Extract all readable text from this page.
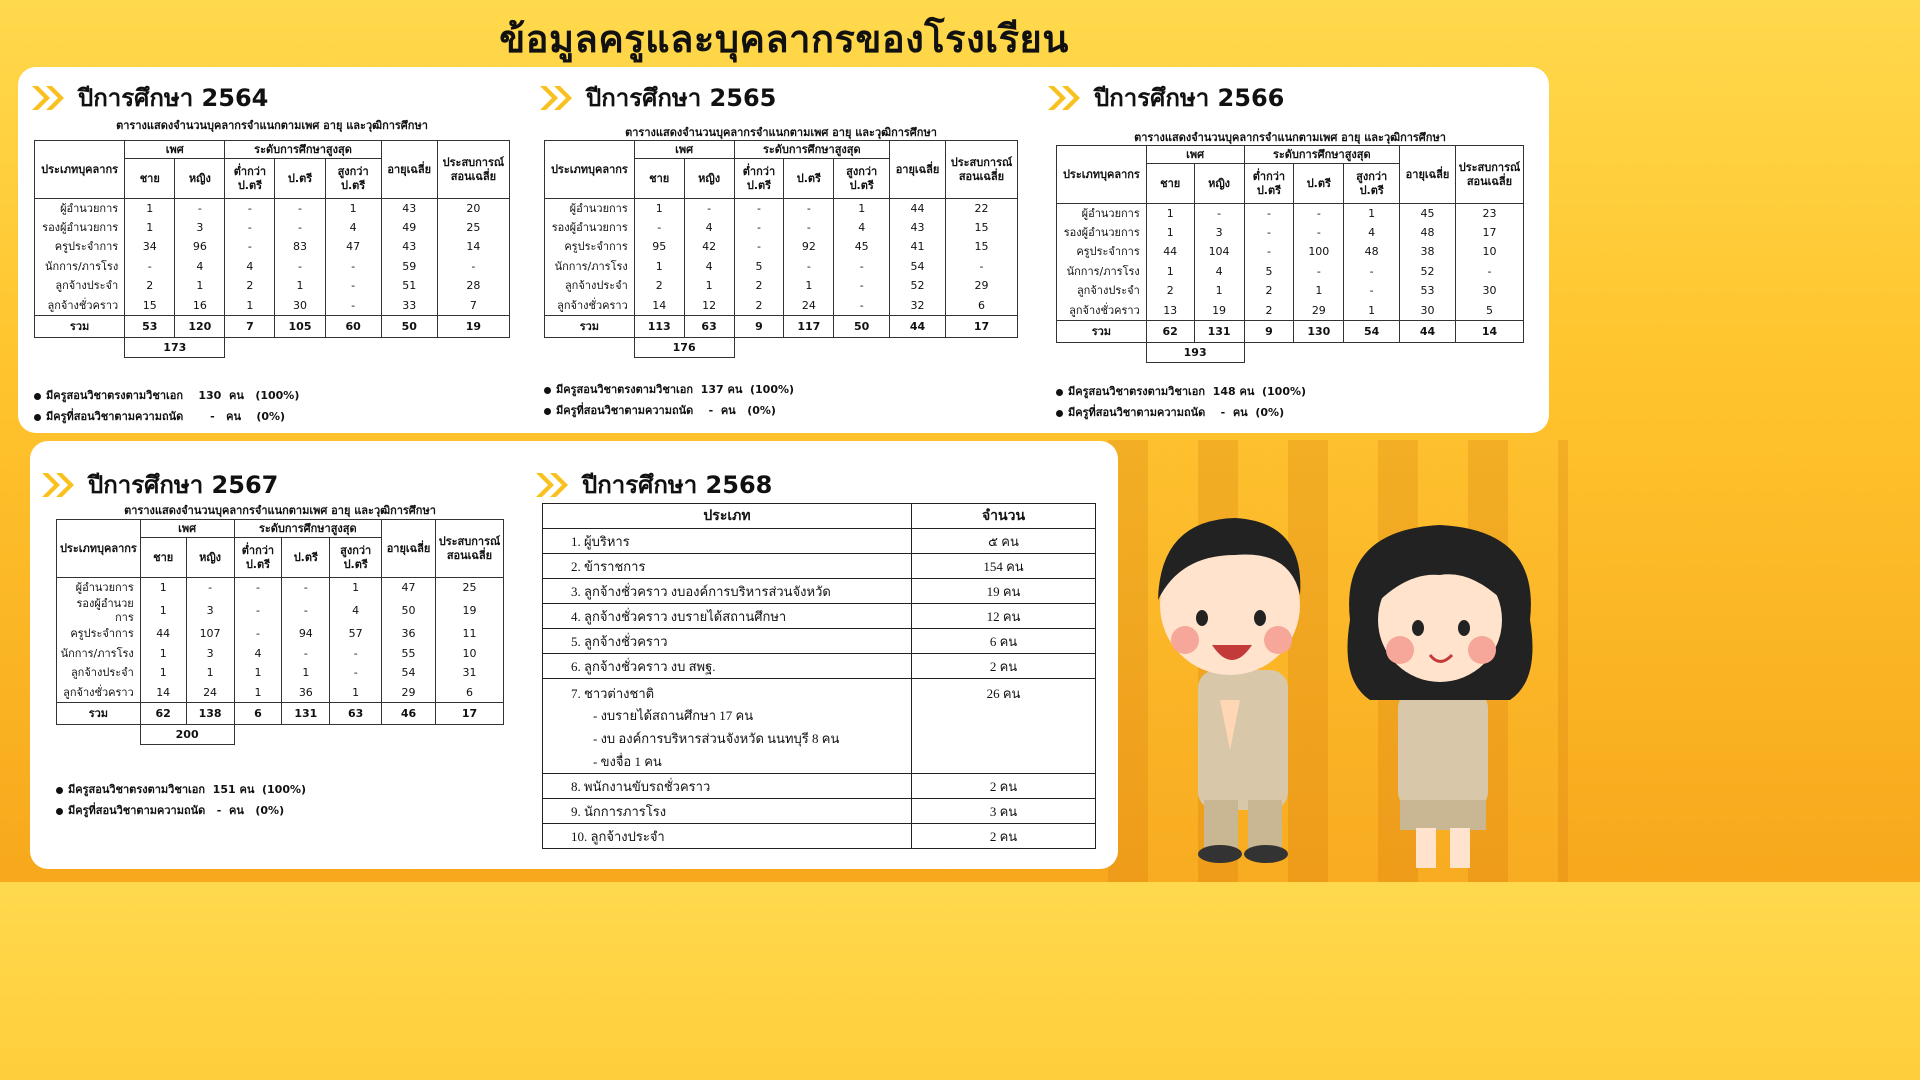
ข้อมูลครูและบุคลากรของโรงเรียน
ปีการศึกษา 2564
ตารางแสดงจำนวนบุคลากรจำแนกตามเพศ อายุ และวุฒิการศึกษา
ประเภทบุคลากร	เพศ		ระดับการศึกษาสูงสุด			อายุเฉลี่ย	ประสบการณ์
สอนเฉลี่ย
	ชาย	หญิง	ต่ำกว่า
ป.ตรี	ป.ตรี	สูงกว่า
ป.ตรี		
ผู้อำนวยการ	1	-	-	-	1	43	20
รองผู้อำนวยการ	1	3	-	-	4	49	25
ครูประจำการ	34	96	-	83	47	43	14
นักการ/ภารโรง	-	4	4	-	-	59	-
ลูกจ้างประจำ	2	1	2	1	-	51	28
ลูกจ้างชั่วคราว	15	16	1	30	-	33	7
รวม	53	120	7	105	60	50	19
	173						
มีครูสอนวิชาตรงตามวิชาเอก    130  คน   (100%)
มีครูที่สอนวิชาตามความถนัด       -   คน    (0%)
ปีการศึกษา 2565
ตารางแสดงจำนวนบุคลากรจำแนกตามเพศ อายุ และวุฒิการศึกษา
ประเภทบุคลากร	เพศ		ระดับการศึกษาสูงสุด			อายุเฉลี่ย	ประสบการณ์
สอนเฉลี่ย
	ชาย	หญิง	ต่ำกว่า
ป.ตรี	ป.ตรี	สูงกว่า
ป.ตรี		
ผู้อำนวยการ	1	-	-	-	1	44	22
รองผู้อำนวยการ	-	4	-	-	4	43	15
ครูประจำการ	95	42	-	92	45	41	15
นักการ/ภารโรง	1	4	5	-	-	54	-
ลูกจ้างประจำ	2	1	2	1	-	52	29
ลูกจ้างชั่วคราว	14	12	2	24	-	32	6
รวม	113	63	9	117	50	44	17
	176						
มีครูสอนวิชาตรงตามวิชาเอก  137 คน  (100%)
มีครูที่สอนวิชาตามความถนัด    -  คน   (0%)
ปีการศึกษา 2566
ตารางแสดงจำนวนบุคลากรจำแนกตามเพศ อายุ และวุฒิการศึกษา
ประเภทบุคลากร	เพศ		ระดับการศึกษาสูงสุด			อายุเฉลี่ย	ประสบการณ์
สอนเฉลี่ย
	ชาย	หญิง	ต่ำกว่า
ป.ตรี	ป.ตรี	สูงกว่า
ป.ตรี		
ผู้อำนวยการ	1	-	-	-	1	45	23
รองผู้อำนวยการ	1	3	-	-	4	48	17
ครูประจำการ	44	104	-	100	48	38	10
นักการ/ภารโรง	1	4	5	-	-	52	-
ลูกจ้างประจำ	2	1	2	1	-	53	30
ลูกจ้างชั่วคราว	13	19	2	29	1	30	5
รวม	62	131	9	130	54	44	14
	193						
มีครูสอนวิชาตรงตามวิชาเอก  148 คน  (100%)
มีครูที่สอนวิชาตามความถนัด    -  คน  (0%)
ปีการศึกษา 2567
ตารางแสดงจำนวนบุคลากรจำแนกตามเพศ อายุ และวุฒิการศึกษา
ประเภทบุคลากร	เพศ		ระดับการศึกษาสูงสุด			อายุเฉลี่ย	ประสบการณ์
สอนเฉลี่ย
	ชาย	หญิง	ต่ำกว่า
ป.ตรี	ป.ตรี	สูงกว่า
ป.ตรี		
ผู้อำนวยการ	1	-	-	-	1	47	25
รองผู้อำนวยการ	1	3	-	-	4	50	19
ครูประจำการ	44	107	-	94	57	36	11
นักการ/ภารโรง	1	3	4	-	-	55	10
ลูกจ้างประจำ	1	1	1	1	-	54	31
ลูกจ้างชั่วคราว	14	24	1	36	1	29	6
รวม	62	138	6	131	63	46	17
	200						
มีครูสอนวิชาตรงตามวิชาเอก  151 คน  (100%)
มีครูที่สอนวิชาตามความถนัด   -  คน   (0%)
ปีการศึกษา 2568
ประเภท	จำนวน
1. ผู้บริหาร	๕ คน
2. ข้าราชการ	154 คน
3. ลูกจ้างชั่วคราว งบองค์การบริหารส่วนจังหวัด	19 คน
4. ลูกจ้างชั่วคราว งบรายได้สถานศึกษา	12 คน
5. ลูกจ้างชั่วคราว	6 คน
6. ลูกจ้างชั่วคราว งบ สพฐ.	2 คน

7. ชาวต่างชาติ
- งบรายได้สถานศึกษา 17 คน
- งบ องค์การบริหารส่วนจังหวัด นนทบุรี 8 คน
- ขงจื่อ 1 คน	26 คน
8. พนักงานขับรถชั่วคราว	2 คน
9. นักการภารโรง	3 คน
10. ลูกจ้างประจำ	2 คน
